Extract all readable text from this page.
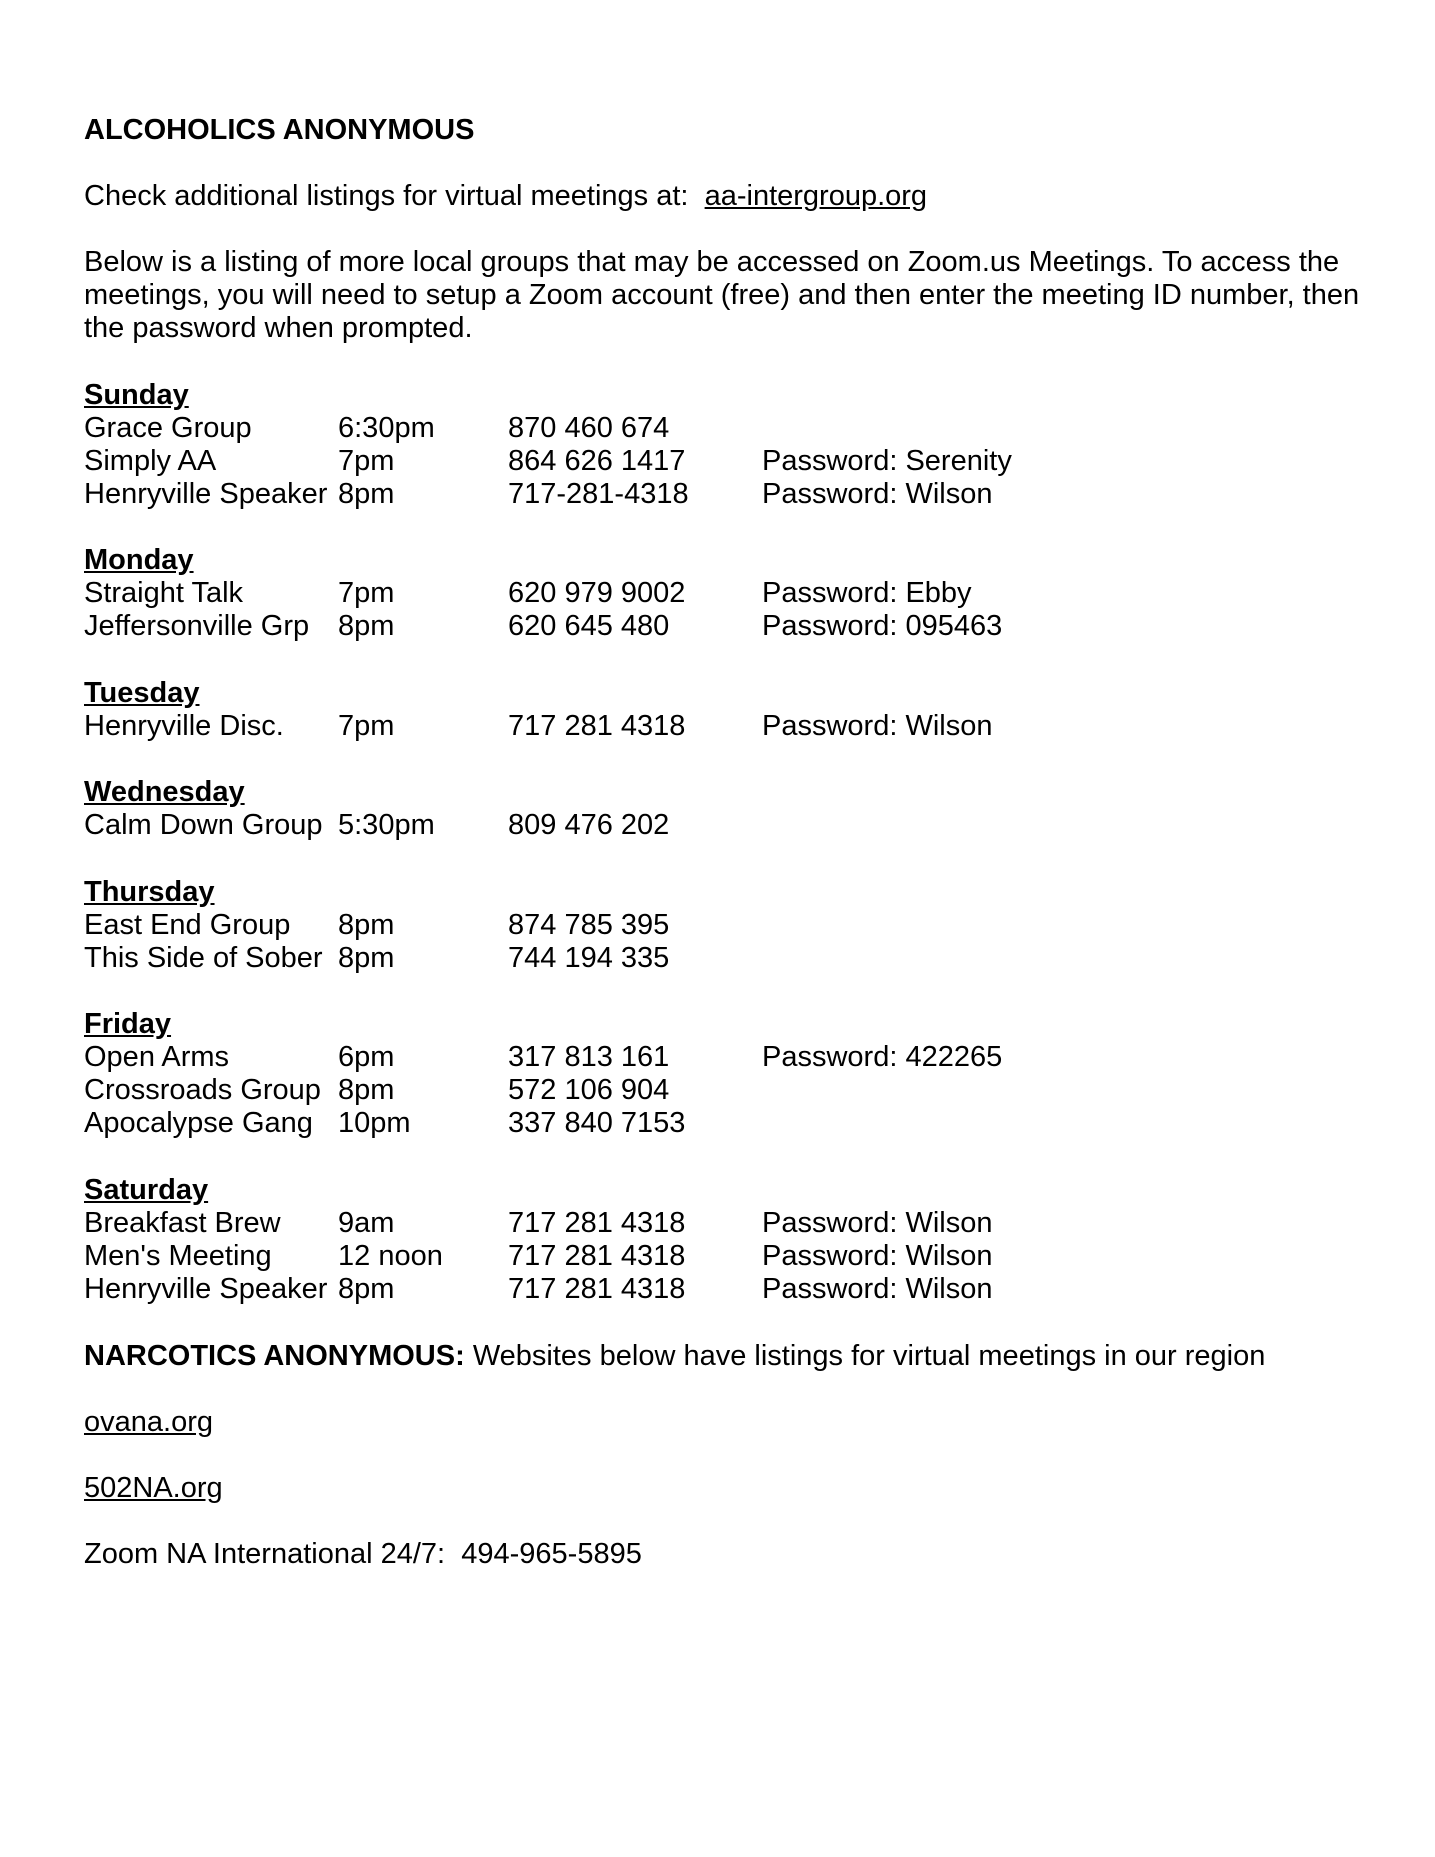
ALCOHOLICS ANONYMOUS

Check additional listings for virtual meetings at: aa-intergroup.org

Below is a listing of more local groups that may be accessed on Zoom.us Meetings. To access the meetings, you will need to setup a Zoom account (free) and then enter the meeting ID number, then the password when prompted.

Sunday
Grace Group	6:30pm	870 460 674
Simply AA	7pm	864 626 1417	Password: Serenity
Henryville Speaker 8pm	717-281-4318	Password: Wilson
Monday
Straight Talk	7pm	620 979 9002	Password: Ebby
Jeffersonville Grp 8pm	620 645 480	Password: 095463
Tuesday
Henryville Disc.	7pm	717 281 4318	Password: Wilson
Wednesday
Calm Down Group 5:30pm	809 476 202
Thursday
East End Group	8pm	874 785 395
This Side of Sober 8pm	744 194 335
Friday
Open Arms	6pm	317 813 161	Password: 422265
Crossroads Group 8pm	572 106 904
Apocalypse Gang 10pm	337 840 7153
Saturday
Breakfast Brew	9am	717 281 4318	Password: Wilson
Men's Meeting	12 noon	717 281 4318	Password: Wilson
Henryville Speaker 8pm	717 281 4318	Password: Wilson

NARCOTICS ANONYMOUS: Websites below have listings for virtual meetings in our region

ovana.org

502NA.org

Zoom NA International 24/7: 494-965-5895
